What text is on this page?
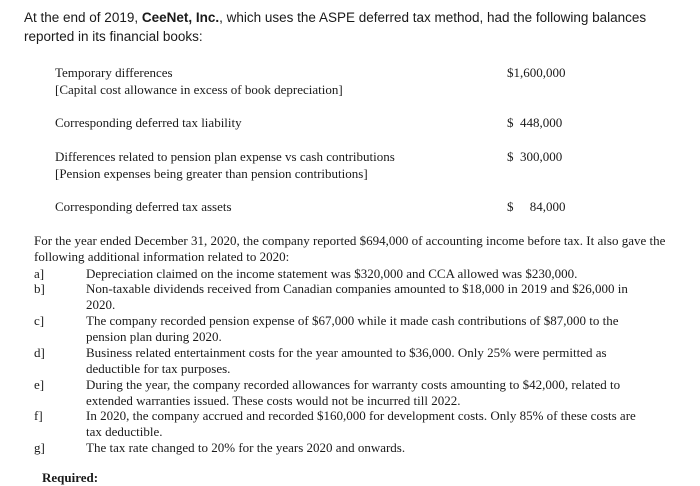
At the end of 2019, CeeNet, Inc., which uses the ASPE deferred tax method, had the following balances reported in its financial books:
Temporary differences	$1,600,000
[Capital cost allowance in excess of book depreciation]
Corresponding deferred tax liability	$  448,000
Differences related to pension plan expense vs cash contributions	$  300,000
[Pension expenses being greater than pension contributions]
Corresponding deferred tax assets	$     84,000
For the year ended December 31, 2020, the company reported $694,000 of accounting income before tax. It also gave the following additional information related to 2020:
a]	Depreciation claimed on the income statement was $320,000 and CCA allowed was $230,000.
b]	Non-taxable dividends received from Canadian companies amounted to $18,000 in 2019 and $26,000 in 2020.
c]	The company recorded pension expense of $67,000 while it made cash contributions of $87,000 to the pension plan during 2020.
d]	Business related entertainment costs for the year amounted to $36,000. Only 25% were permitted as deductible for tax purposes.
e]	During the year, the company recorded allowances for warranty costs amounting to $42,000, related to extended warranties issued. These costs would not be incurred till 2022.
f]	In 2020, the company accrued and recorded $160,000 for development costs. Only 85% of these costs are tax deductible.
g]	The tax rate changed to 20% for the years 2020 and onwards.
Required:
